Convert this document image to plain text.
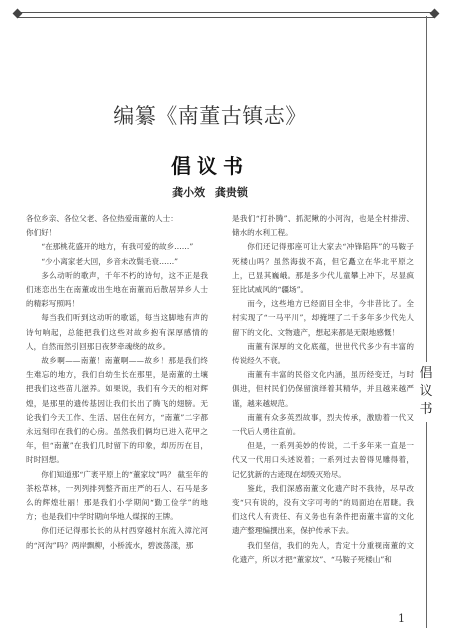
倡
议
书
编纂《南董古镇志》
倡议书
龚小效 龚贵锁

各位乡亲、各位父老、各位热爱南董的人士：

你们好！

“在那桃花盛开的地方，有我可爱的故乡……”

“少小离家老大回，乡音未改鬓毛衰……”

多么动听的歌声，千年不朽的诗句，这不正是我们迷恋出生在南董或出生地在南董而后散居异乡人士的精彩写照吗！

每当我们听到这动听的歌谣，每当这脚地有声的诗句响起，总能把我们这些对故乡抱有深厚感情的人，自然而然引回那日夜梦牵魂绕的故乡。

故乡啊——南董！南董啊——故乡！那是我们终生难忘的地方，我们自幼生长在那里，是南董的土壤把我们这些苗儿滋养。如果说，我们有今天的相对辉煌，是那里的遗传基因让我们长出了腾飞的翅膀。无论我们今天工作、生活、居住在何方，“南董”二字都永远刻印在我们的心房。虽然我们俩均已进入花甲之年，但“南董”在我们几时留下的印象，却历历在目，时时回想。

你们知道那“广袤平原上的“董家坟”吗？ 截至年的茶松草林，一列列排列整齐而庄严的石人、石马是多么的辉煌壮丽！那是我们小学期间“勤工俭学”的地方；也是我们中学时期向华地人煤探的王牌。

你们还记得那长长的从村西穿越村东流入漳沱河的“河沟”吗？两岸飘柳，小桥流水，碧波荡漾，那

是我们“打扑腾”、抓泥鳅的小河沟，也是全村排涝、储水的水利工程。

你们还记得那座可让大家去“冲锋陷阵”的马鞍子死楼山吗？虽然海拔不高，但它矗立在华北平原之上，已显其巍峨。那是多少代儿童攀上冲下，尽显疯狂比试威风的“疆场”。

而今，这些地方已经面目全非，今非昔比了。全村实现了“一马平川”，却掩埋了二千多年多少代先人留下的文化、文物遗产，想起来都是无限地感慨！

南董有深厚的文化底蕴，世世代代多少有丰富的传说经久不衰。

南董有丰富的民俗文化内涵，虽历经变迁，与时俱进，但村民们仍保留演绎着其精华，并且越来越严谨，越来越规范。

南董有众多英烈故事，烈夫传承，激励着一代又一代后人勇往直前。

但是，一系列美妙的传说，二千多年来一直是一代又一代用口头述说着；一系列过去曾得见雕得着，记忆犹新的古迹现在却毁灭殆尽。

鉴此，我们深感南董文化遗产时不我待，尽早改变“只有说的，没有文字可考的”的局面迫在眉睫。我们这代人有责任、有义务也有条件把南董丰富的文化遗产整理编撰出来，保护传承下去。

我们坚信，我们的先人，肯定十分重视南董的文化遗产，所以才把“董家坟”、“马鞍子死楼山”和

1
